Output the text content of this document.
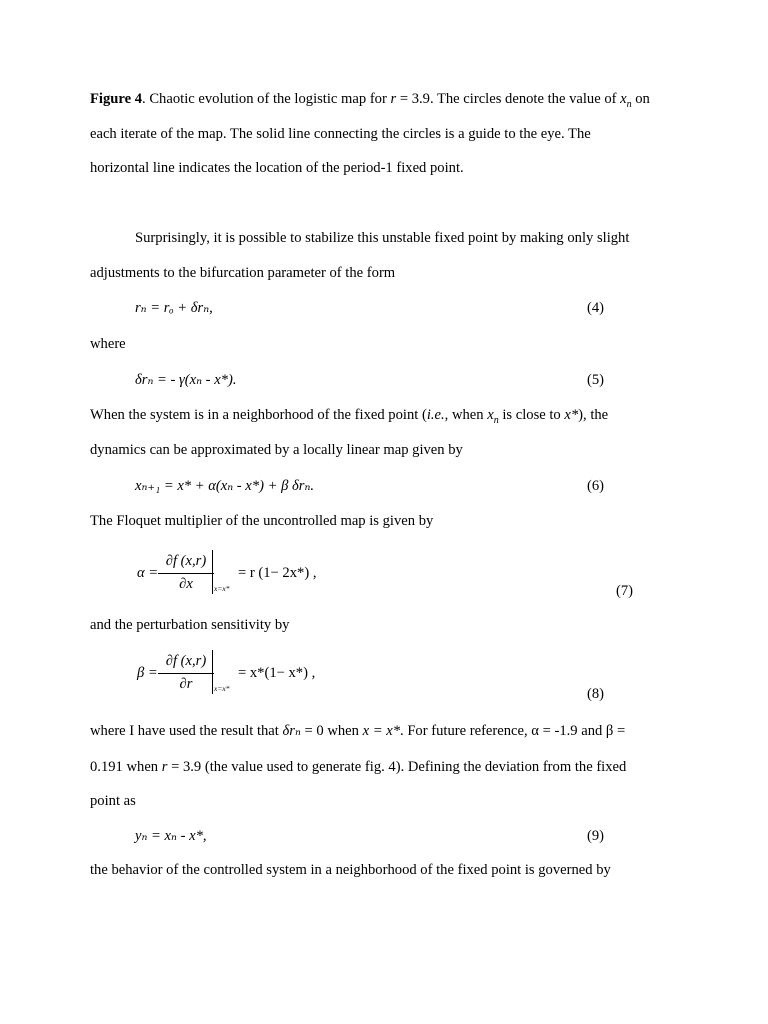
Figure 4. Chaotic evolution of the logistic map for r = 3.9. The circles denote the value of $x_n$ on
each iterate of the map. The solid line connecting the circles is a guide to the eye. The
horizontal line indicates the location of the period-1 fixed point.
Surprisingly, it is possible to stabilize this unstable fixed point by making only slight
adjustments to the bifurcation parameter of the form
rₙ = rₒ + δrₙ,	(4)
where
δrₙ = - γ(xₙ - x*).	(5)
When the system is in a neighborhood of the fixed point (i.e., when $x_n$ is close to x*), the
dynamics can be approximated by a locally linear map given by
xₙ₊₁ = x* + α(xₙ - x*) + β δrₙ.	(6)
The Floquet multiplier of the uncontrolled map is given by
α =
∂f (x,r)
∂x	x=x*
= r (1− 2x*) ,
(7)
and the perturbation sensitivity by
β =
∂f (x,r)
∂r	x=x*
= x*(1− x*) ,
(8)
where I have used the result that δrₙ = 0 when x = x*. For future reference, α = -1.9 and β =
0.191 when r = 3.9 (the value used to generate fig. 4). Defining the deviation from the fixed
point as
yₙ = xₙ - x*,	(9)
the behavior of the controlled system in a neighborhood of the fixed point is governed by
